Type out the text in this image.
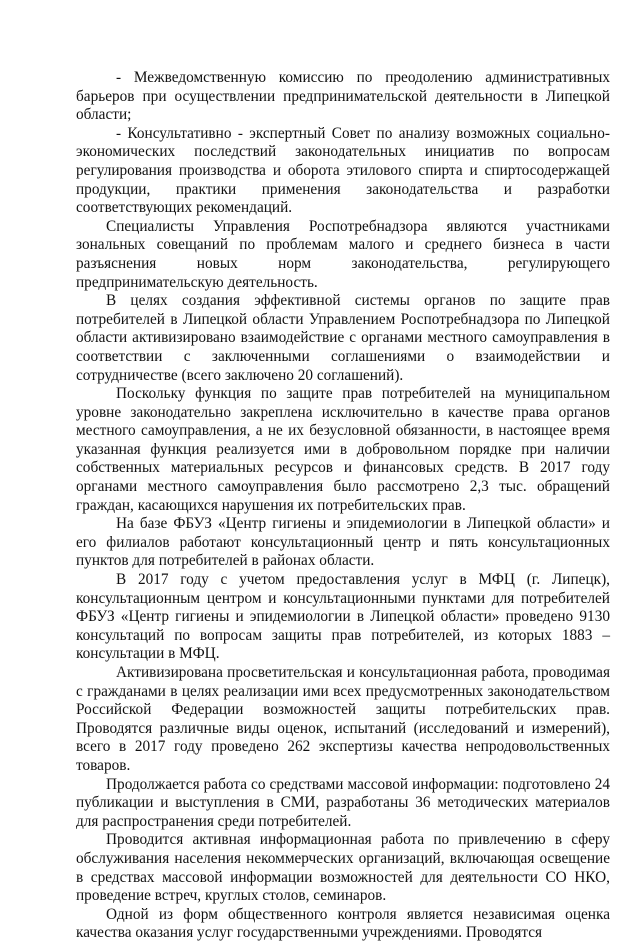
- Межведомственную комиссию по преодолению административных барьеров при осуществлении предпринимательской деятельности в Липецкой области;

- Консультативно - экспертный Совет по анализу возможных социально-экономических последствий законодательных инициатив по вопросам регулирования производства и оборота этилового спирта и спиртосодержащей продукции, практики применения законодательства и разработки соответствующих рекомендаций.

Специалисты Управления Роспотребнадзора являются участниками зональных совещаний по проблемам малого и среднего бизнеса в части разъяснения новых норм законодательства, регулирующего предпринимательскую деятельность.

В целях создания эффективной системы органов по защите прав потребителей в Липецкой области Управлением Роспотребнадзора по Липецкой области активизировано взаимодействие с органами местного самоуправления в соответствии с заключенными соглашениями о взаимодействии и сотрудничестве (всего заключено 20 соглашений).

Поскольку функция по защите прав потребителей на муниципальном уровне законодательно закреплена исключительно в качестве права органов местного самоуправления, а не их безусловной обязанности, в настоящее время указанная функция реализуется ими в добровольном порядке при наличии собственных материальных ресурсов и финансовых средств. В 2017 году органами местного самоуправления было рассмотрено 2,3 тыс. обращений граждан, касающихся нарушения их потребительских прав.

На базе ФБУЗ «Центр гигиены и эпидемиологии в Липецкой области» и его филиалов работают консультационный центр и пять консультационных пунктов для потребителей в районах области.

В 2017 году с учетом предоставления услуг в МФЦ (г. Липецк), консультационным центром и консультационными пунктами для потребителей ФБУЗ «Центр гигиены и эпидемиологии в Липецкой области» проведено 9130 консультаций по вопросам защиты прав потребителей, из которых 1883 – консультации в МФЦ.

Активизирована просветительская и консультационная работа, проводимая с гражданами в целях реализации ими всех предусмотренных законодательством Российской Федерации возможностей защиты потребительских прав. Проводятся различные виды оценок, испытаний (исследований и измерений), всего в 2017 году проведено 262 экспертизы качества непродовольственных товаров.

Продолжается работа со средствами массовой информации: подготовлено 24 публикации и выступления в СМИ, разработаны 36 методических материалов для распространения среди потребителей.

Проводится активная информационная работа по привлечению в сферу обслуживания населения некоммерческих организаций, включающая освещение в средствах массовой информации возможностей для деятельности СО НКО, проведение встреч, круглых столов, семинаров.

Одной из форм общественного контроля является независимая оценка качества оказания услуг государственными учреждениями. Проводятся
